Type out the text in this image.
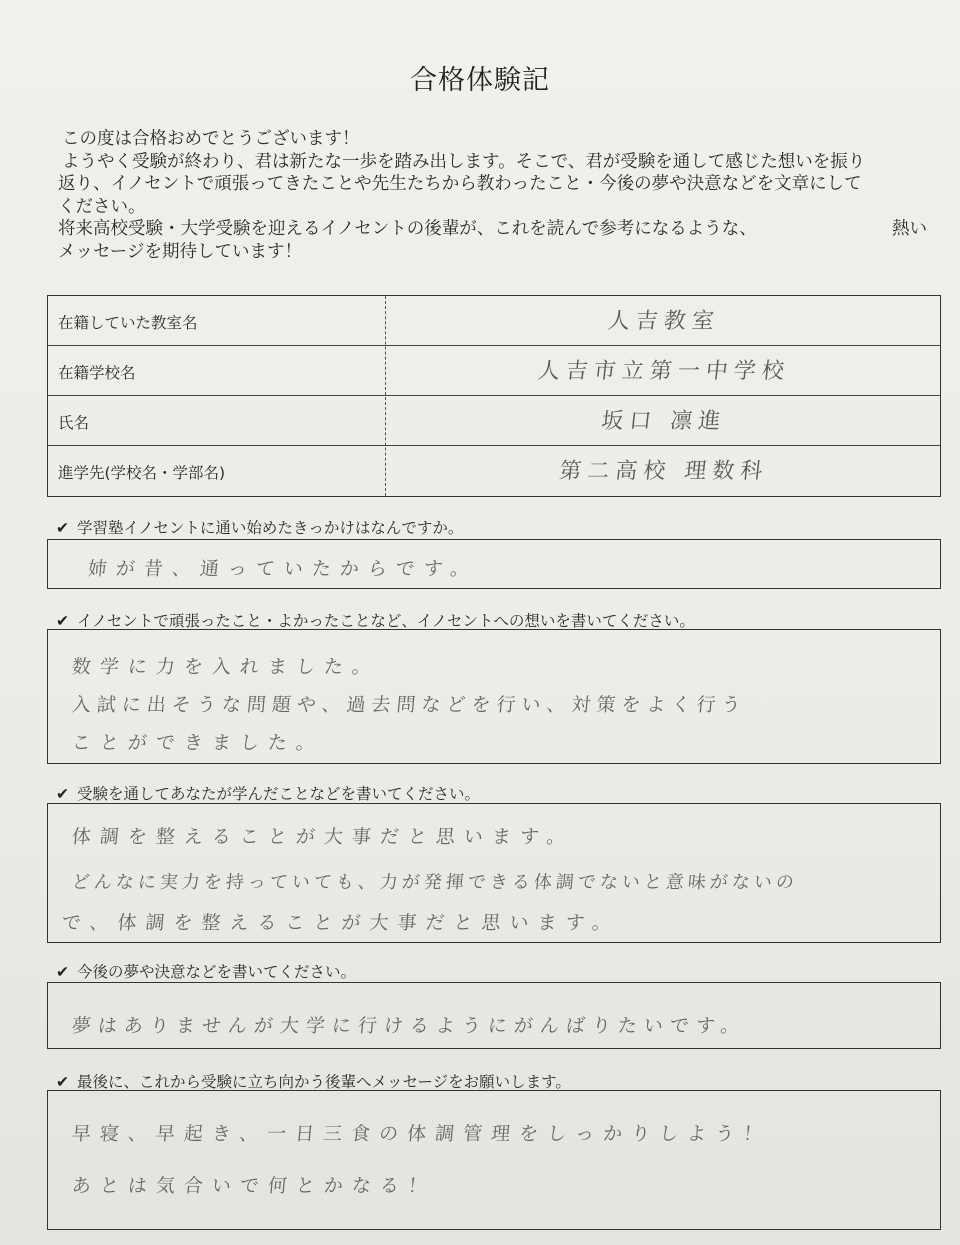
合格体験記
この度は合格おめでとうございます！
ようやく受験が終わり、君は新たな一歩を踏み出します。そこで、君が受験を通して感じた想いを振り
返り、イノセントで頑張ってきたことや先生たちから教わったこと・今後の夢や決意などを文章にして
ください。
将来高校受験・大学受験を迎えるイノセントの後輩が、これを読んで参考になるような、	熱い
メッセージを期待しています！
在籍していた教室名	人吉教室
在籍学校名	人吉市立第一中学校
氏名	坂口 凛進
進学先(学校名・学部名)	第二高校 理数科
✔ 学習塾イノセントに通い始めたきっかけはなんですか。
姉が昔、通っていたからです。
✔ イノセントで頑張ったこと・よかったことなど、イノセントへの想いを書いてください。
数学に力を入れました。
入試に出そうな問題や、過去問などを行い、対策をよく行う
ことができました。
✔ 受験を通してあなたが学んだことなどを書いてください。
体調を整えることが大事だと思います。
どんなに実力を持っていても、力が発揮できる体調でないと意味がないの
で、体調を整えることが大事だと思います。
✔ 今後の夢や決意などを書いてください。
夢はありませんが大学に行けるようにがんばりたいです。
✔ 最後に、これから受験に立ち向かう後輩へメッセージをお願いします。
早寝、早起き、一日三食の体調管理をしっかりしよう！
あとは気合いで何とかなる！
